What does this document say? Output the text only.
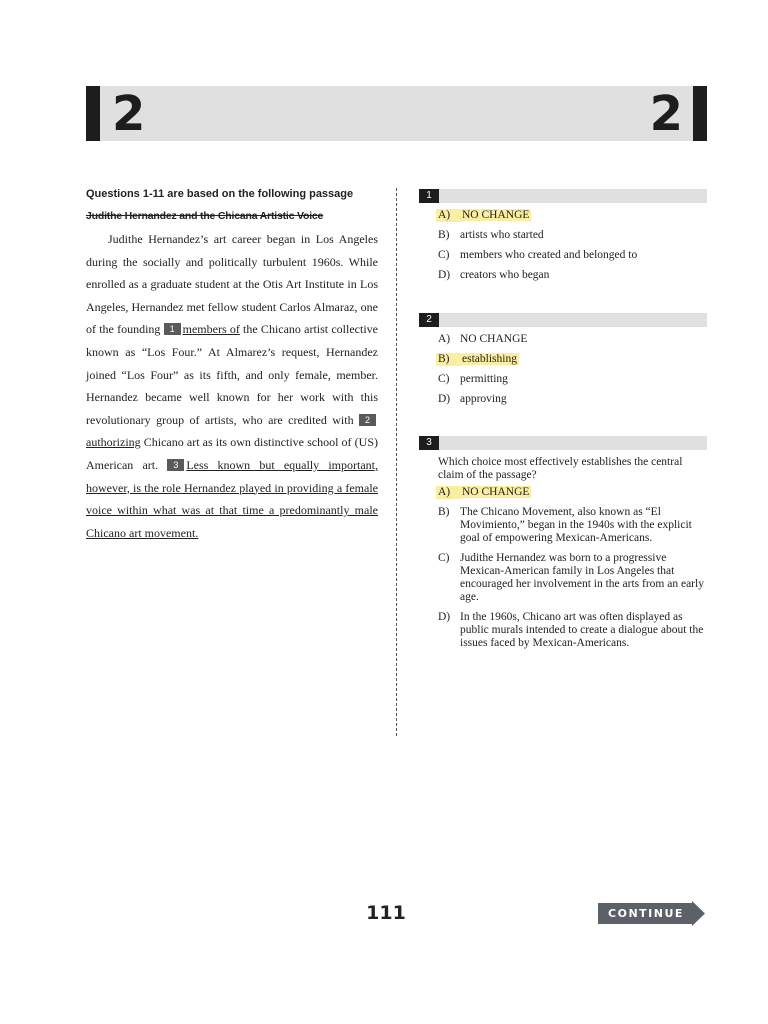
2	2

Questions 1-11 are based on the following passage

Judithe Hernandez and the Chicana Artistic Voice

Judithe Hernandez’s art career began in Los Angeles during the socially and politically turbulent 1960s. While enrolled as a graduate student at the Otis Art Institute in Los Angeles, Hernandez met fellow student Carlos Almaraz, one of the founding 1 members of the Chicano artist collective known as “Los Four.” At Almarez’s request, Hernandez joined “Los Four” as its fifth, and only female, member. Hernandez became well known for her work with this revolutionary group of artists, who are credited with 2authorizing Chicano art as its own distinctive school of (US) American art. 3 Less known but equally important, however, is the role Hernandez played in providing a female voice within what was at that time a predominantly male Chicano art movement.

1
A)	NO CHANGE
B) artists who started
C) members who created and belonged to
D) creators who began
2
A) NO CHANGE
B)	establishing
C) permitting
D) approving
3

Which choice most effectively establishes the central claim of the passage?

A)	NO CHANGE
B) The Chicano Movement, also known as “El Movimiento,” began in the 1940s with the explicit goal of empowering Mexican-Americans.
C) Judithe Hernandez was born to a progressive Mexican-American family in Los Angeles that encouraged her involvement in the arts from an early age.
D) In the 1960s, Chicano art was often displayed as public murals intended to create a dialogue about the issues faced by Mexican-Americans.
111	CONTINUE
